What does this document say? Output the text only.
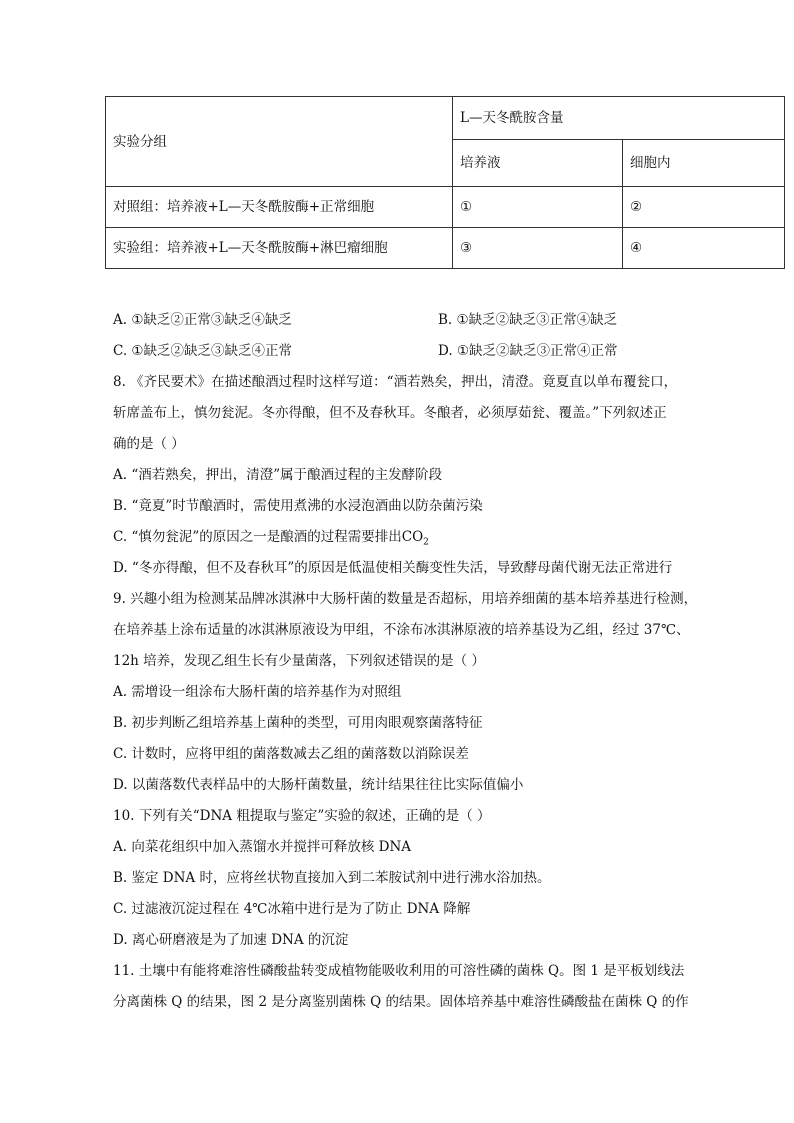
实验分组	L—天冬酰胺含量	
	培养液	细胞内
对照组：培养液+L—天冬酰胺酶+正常细胞	①	②
实验组：培养液+L—天冬酰胺酶+淋巴瘤细胞	③	④
A. ①缺乏②正常③缺乏④缺乏	B. ①缺乏②缺乏③正常④缺乏
C. ①缺乏②缺乏③缺乏④正常	D. ①缺乏②缺乏③正常④正常
8. 《齐民要术》在描述酿酒过程时这样写道：“酒若熟矣，押出，清澄。竟夏直以单布覆瓮口，
斩席盖布上，慎勿瓮泥。冬亦得酿，但不及春秋耳。冬酿者，必须厚茹瓮、覆盖。”下列叙述正
确的是（ ）
A. “酒若熟矣，押出，清澄”属于酿酒过程的主发酵阶段
B. “竟夏”时节酿酒时，需使用煮沸的水浸泡酒曲以防杂菌污染
C. “慎勿瓮泥”的原因之一是酿酒的过程需要排出$CO_2$
D. “冬亦得酿，但不及春秋耳”的原因是低温使相关酶变性失活，导致酵母菌代谢无法正常进行
9. 兴趣小组为检测某品牌冰淇淋中大肠杆菌的数量是否超标，用培养细菌的基本培养基进行检测，
在培养基上涂布适量的冰淇淋原液设为甲组，不涂布冰淇淋原液的培养基设为乙组，经过 37℃、
12h 培养，发现乙组生长有少量菌落，下列叙述错误的是（ ）
A. 需增设一组涂布大肠杆菌的培养基作为对照组
B. 初步判断乙组培养基上菌种的类型，可用肉眼观察菌落特征
C. 计数时，应将甲组的菌落数减去乙组的菌落数以消除误差
D. 以菌落数代表样品中的大肠杆菌数量，统计结果往往比实际值偏小
10. 下列有关“DNA 粗提取与鉴定”实验的叙述，正确的是（ ）
A. 向菜花组织中加入蒸馏水并搅拌可释放核 DNA
B. 鉴定 DNA 时，应将丝状物直接加入到二苯胺试剂中进行沸水浴加热。
C. 过滤液沉淀过程在 4℃冰箱中进行是为了防止 DNA 降解
D. 离心研磨液是为了加速 DNA 的沉淀
11. 土壤中有能将难溶性磷酸盐转变成植物能吸收利用的可溶性磷的菌株 Q。图 1 是平板划线法
分离菌株 Q 的结果，图 2 是分离鉴别菌株 Q 的结果。固体培养基中难溶性磷酸盐在菌株 Q 的作
